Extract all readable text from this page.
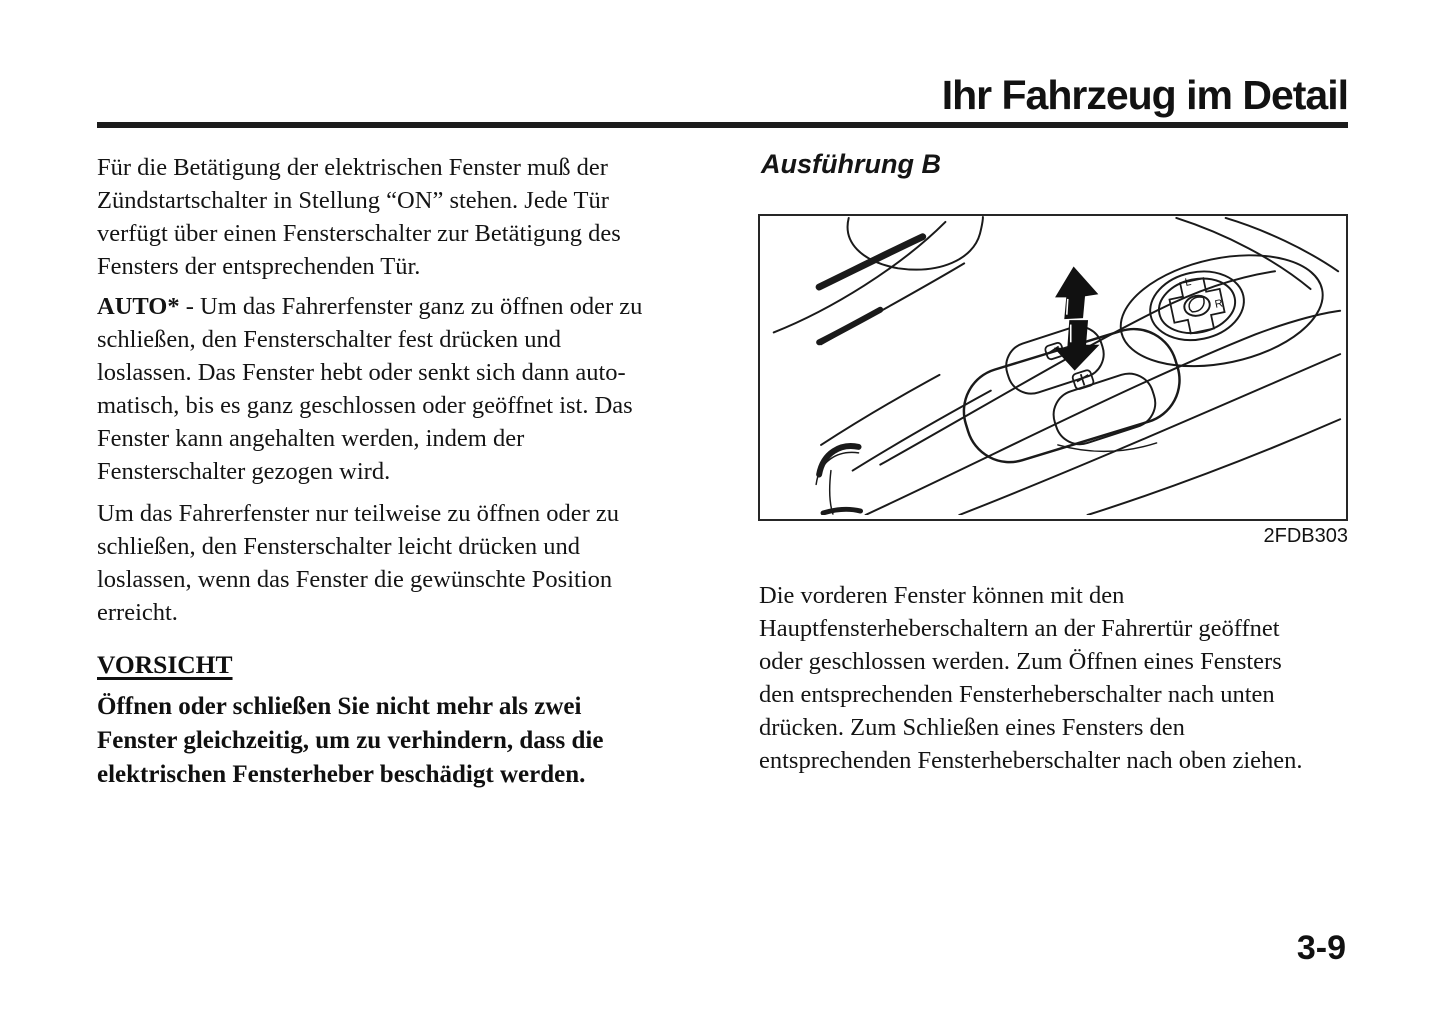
Ihr Fahrzeug im Detail
Für die Betätigung der elektrischen Fenster muß der
Zündstartschalter in Stellung “ON” stehen. Jede Tür
verfügt über einen Fensterschalter zur Betätigung des
Fensters der entsprechenden Tür.
AUTO* - Um das Fahrerfenster ganz zu öffnen oder zu
schließen, den Fensterschalter fest drücken und
loslassen. Das Fenster hebt oder senkt sich dann auto-
matisch, bis es ganz geschlossen oder geöffnet ist. Das
Fenster kann angehalten werden, indem der
Fensterschalter gezogen wird.
Um das Fahrerfenster nur teilweise zu öffnen oder zu
schließen, den Fensterschalter leicht drücken und
loslassen, wenn das Fenster die gewünschte Position
erreicht.
VORSICHT
Öffnen oder schließen Sie nicht mehr als zwei
Fenster gleichzeitig, um zu verhindern, dass die
elektrischen Fensterheber beschädigt werden.
Ausführung B
L
R
2FDB303
Die vorderen Fenster können mit den
Hauptfensterheberschaltern an der Fahrertür geöffnet
oder geschlossen werden. Zum Öffnen eines Fensters
den entsprechenden Fensterheberschalter nach unten
drücken. Zum Schließen eines Fensters den
entsprechenden Fensterheberschalter nach oben ziehen.
3-9
